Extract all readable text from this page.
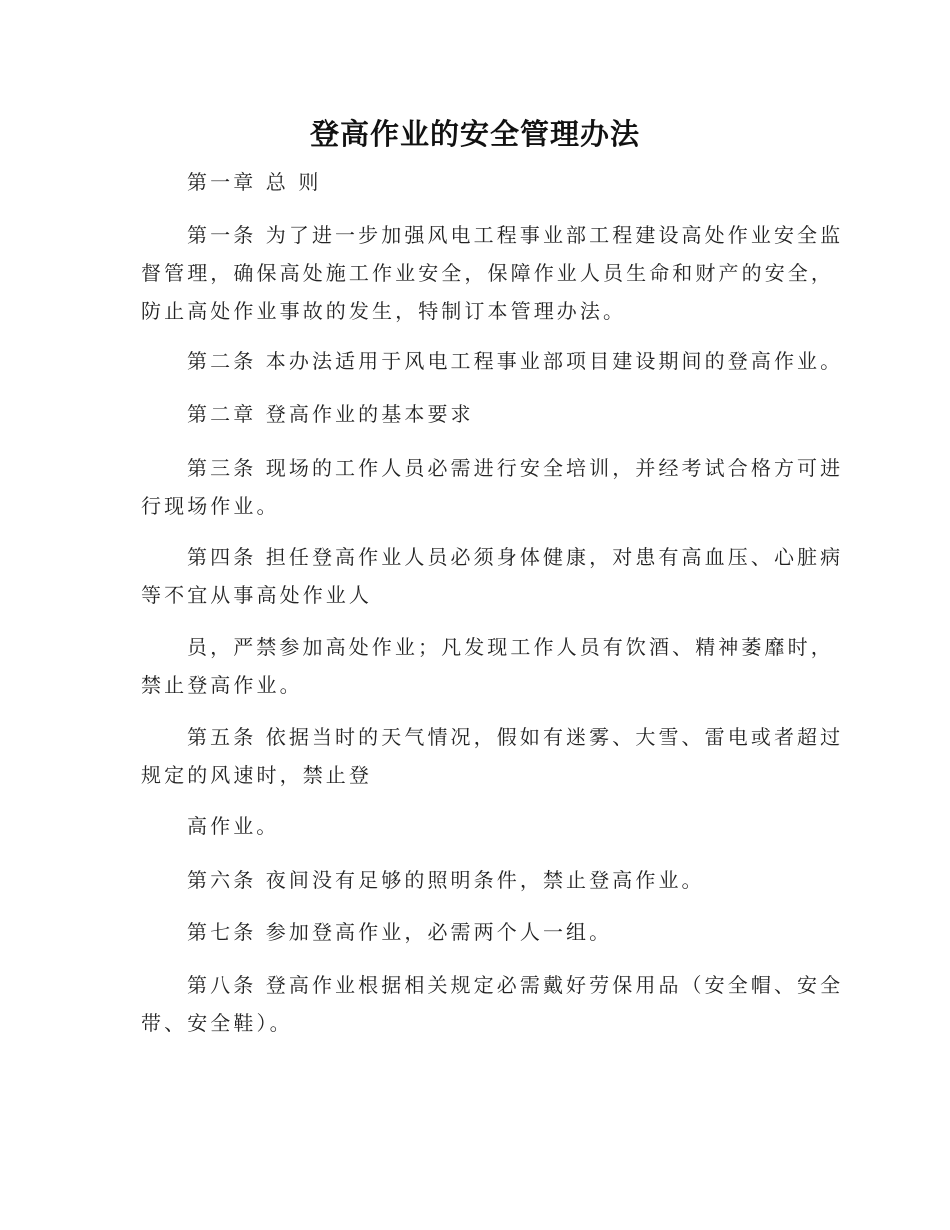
登高作业的安全管理办法
第一章 总 则
第一条 为了进一步加强风电工程事业部工程建设高处作业安全监
督管理，确保高处施工作业安全，保障作业人员生命和财产的安全，
防止高处作业事故的发生，特制订本管理办法。
第二条 本办法适用于风电工程事业部项目建设期间的登高作业。
第二章 登高作业的基本要求
第三条 现场的工作人员必需进行安全培训，并经考试合格方可进
行现场作业。
第四条 担任登高作业人员必须身体健康，对患有高血压、心脏病
等不宜从事高处作业人
员，严禁参加高处作业；凡发现工作人员有饮酒、精神萎靡时，
禁止登高作业。
第五条 依据当时的天气情况，假如有迷雾、大雪、雷电或者超过
规定的风速时，禁止登
高作业。
第六条 夜间没有足够的照明条件，禁止登高作业。
第七条 参加登高作业，必需两个人一组。
第八条 登高作业根据相关规定必需戴好劳保用品（安全帽、安全
带、安全鞋）。
